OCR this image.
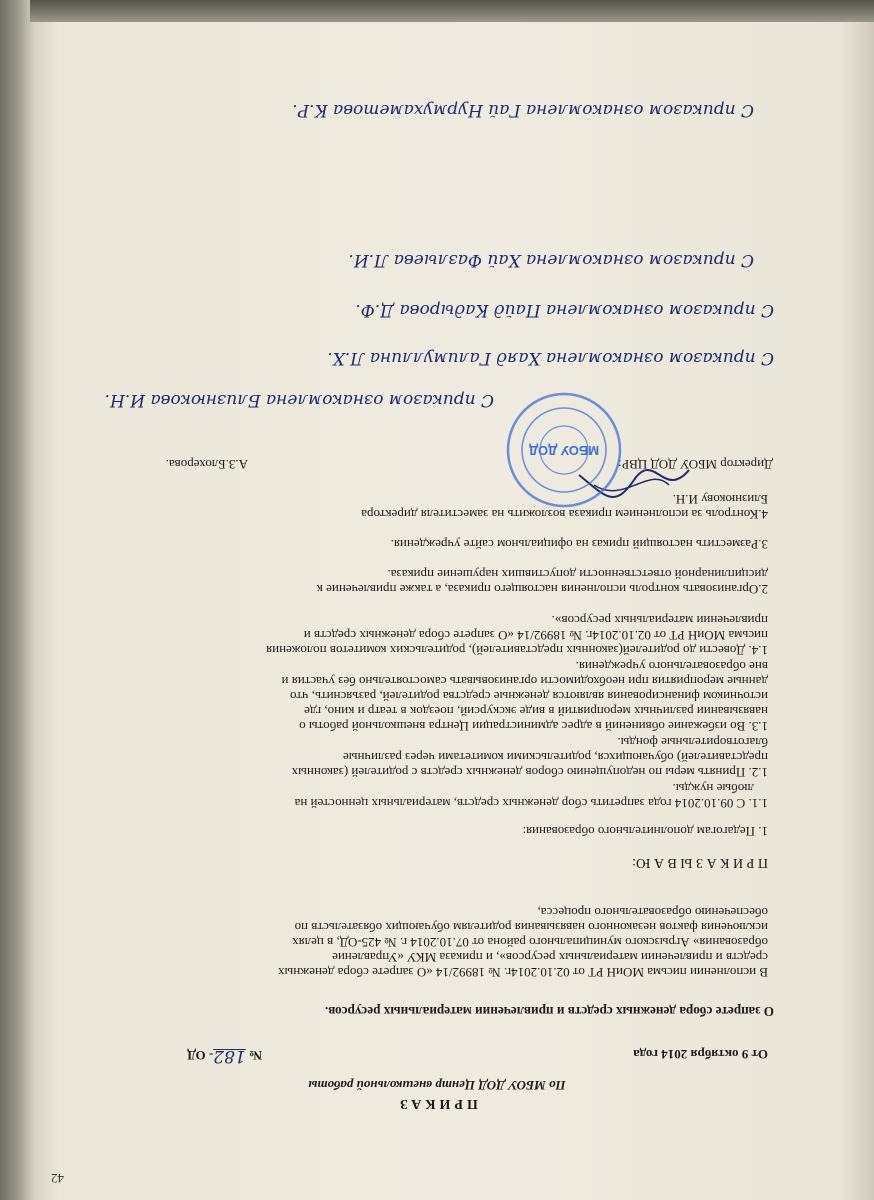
ПРИКАЗ
По МБОУ ДОД Центр внешкольной работы
От 9 октября 2014 года
№ 182- ОД
О запрете сбора денежных средств и привлечении материальных ресурсов.
В исполнении письма МОиН РТ от 02.10.2014г. № 18992/14 «О запрете сбора денежных
средств и привлечении материальных ресурсов», и приказа МКУ «Управление
образования» Агрызского муниципального района от 07.10.2014 г. № 425-ОД, в целях
исключения фактов незаконного навязывания родителям обучающих обязательств по
обеспечению образовательного процесса,
П Р И К А З Ы В А Ю:
1. Педагогам дополнительного образования:
1.1. С 09.10.2014 года запретить сбор денежных средств, материальных ценностей на
любые нужды.
1.2. Принять меры по недопущению сборов денежных средств с родителей (законных
представителей) обучающихся, родительскими комитетами через различные
благотворительные фонды.
1.3. Во избежание обвинений в адрес администрации Центра внешкольной работы о
навязывании различных мероприятий в виде экскурсий, поездок в театр и кино, где
источником финансирования являются денежные средства родителей, разъяснить, что
данные мероприятия при необходимости организовывать самостоятельно без участия и
вне образовательного учреждения.
1.4. Довести до родителей(законных представителей), родительских комитетов положения
письма МОиН РТ от 02.10.2014г. № 18992/14 «О запрете сбора денежных средств и
привлечении материальных ресурсов».
2.Организовать контроль исполнения настоящего приказа, а также привлечение к
дисциплинарной ответственности допустивших нарушение приказа.
3.Разместить настоящий приказ на официальном сайте учреждения.
4.Контроль за исполнением приказа возложить на заместителя директора
Близнюкову И.Н.
Директор МБОУ ДОД ЦВР:
А.З.Блохерова.
МБОУ ДОД
С приказом ознакомлена Близнюкова И.Н.
С приказом ознакомлена Хаяд Галимуллина Л.Х.
С приказом ознакомлена Пайд Кадырова Д.Ф.
С приказом ознакомлена Хай Фазлыева Л.И.
С приказом ознакомлена Гай Нурмухаметова К.Р.
42
